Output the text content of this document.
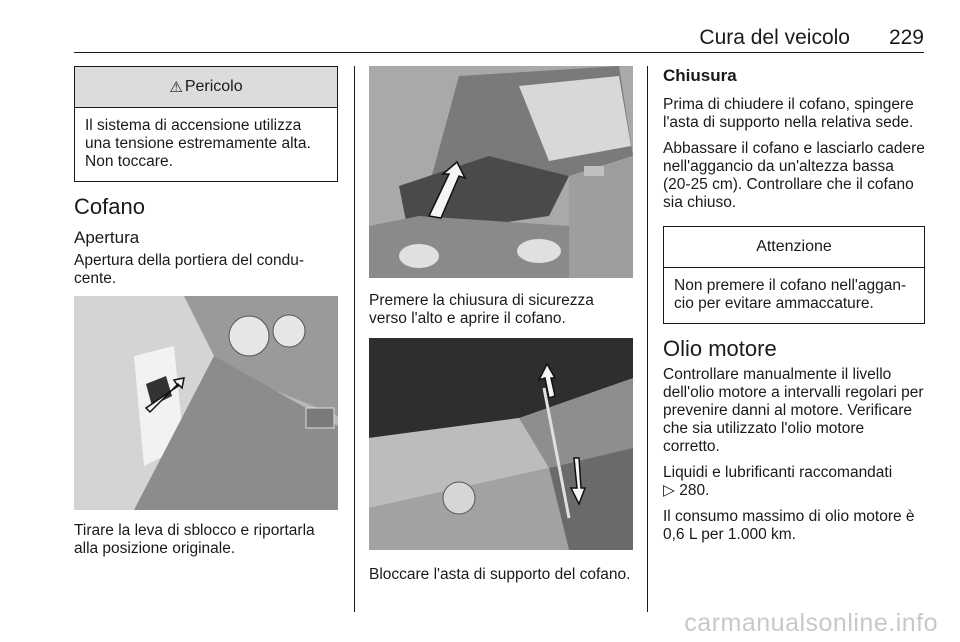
Cura del veicolo 229
⚠ Pericolo
Il sistema di accensione utilizza una tensione estremamente alta. Non toccare.
Cofano
Apertura
Apertura della portiera del condu-cente.
Tirare la leva di sblocco e riportarla alla posizione originale.
Premere la chiusura di sicurezza verso l'alto e aprire il cofano.
Bloccare l'asta di supporto del cofano.
Chiusura
Prima di chiudere il cofano, spingere l'asta di supporto nella relativa sede.
Abbassare il cofano e lasciarlo cadere nell'aggancio da un'altezza bassa (20-25 cm). Controllare che il cofano sia chiuso.
Attenzione
Non premere il cofano nell'aggan-cio per evitare ammaccature.
Olio motore
Controllare manualmente il livello dell'olio motore a intervalli regolari per prevenire danni al motore. Verificare che sia utilizzato l'olio motore corretto.
Liquidi e lubrificanti raccomandati
▷ 280.
Il consumo massimo di olio motore è 0,6 L per 1.000 km.
carmanualsonline.info
